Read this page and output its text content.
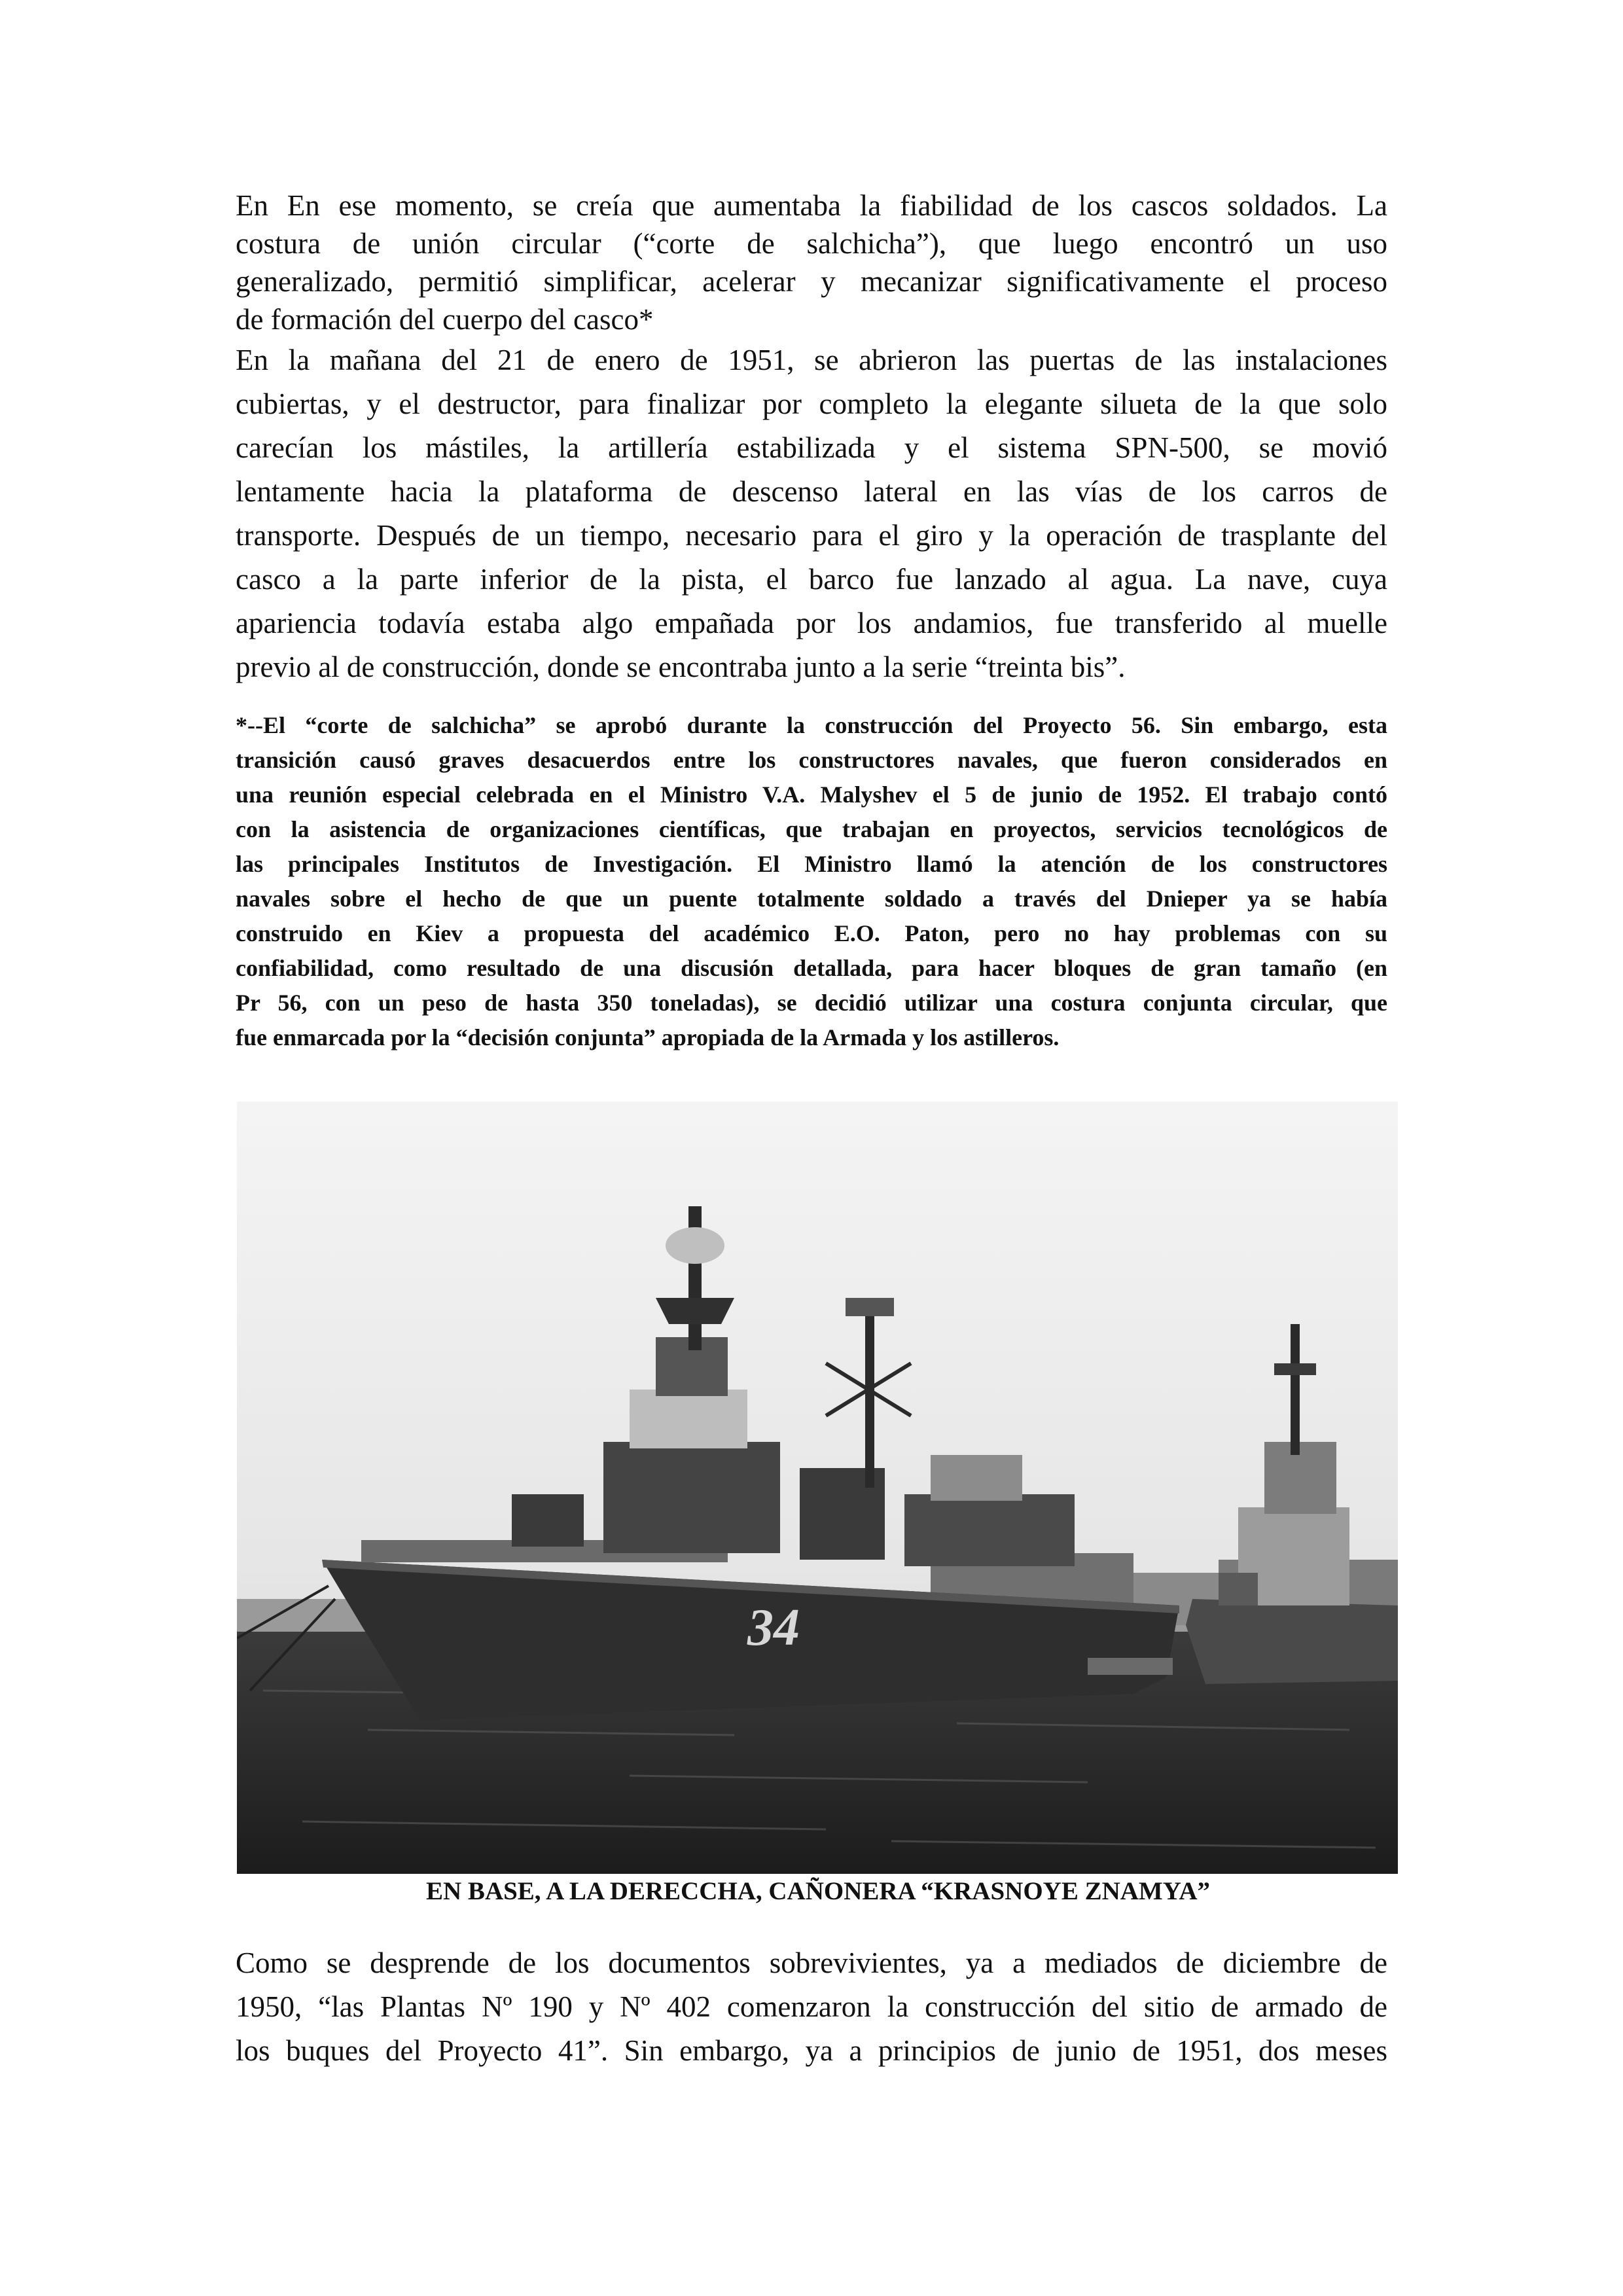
En En ese momento, se creía que aumentaba la fiabilidad de los cascos soldados. La
costura de unión circular (“corte de salchicha”), que luego encontró un uso
generalizado, permitió simplificar, acelerar y mecanizar significativamente el proceso
de formación del cuerpo del casco*

En la mañana del 21 de enero de 1951, se abrieron las puertas de las instalaciones
cubiertas, y el destructor, para finalizar por completo la elegante silueta de la que solo
carecían los mástiles, la artillería estabilizada y el sistema SPN-500, se movió
lentamente hacia la plataforma de descenso lateral en las vías de los carros de
transporte. Después de un tiempo, necesario para el giro y la operación de trasplante del
casco a la parte inferior de la pista, el barco fue lanzado al agua. La nave, cuya
apariencia todavía estaba algo empañada por los andamios, fue transferido al muelle
previo al de construcción, donde se encontraba junto a la serie “treinta bis”.

*--El “corte de salchicha” se aprobó durante la construcción del Proyecto 56. Sin embargo, esta
transición causó graves desacuerdos entre los constructores navales, que fueron considerados en
una reunión especial celebrada en el Ministro V.A. Malyshev el 5 de junio de 1952. El trabajo contó
con la asistencia de organizaciones científicas, que trabajan en proyectos, servicios tecnológicos de
las principales Institutos de Investigación. El Ministro llamó la atención de los constructores
navales sobre el hecho de que un puente totalmente soldado a través del Dnieper ya se había
construido en Kiev a propuesta del académico E.O. Paton, pero no hay problemas con su
confiabilidad, como resultado de una discusión detallada, para hacer bloques de gran tamaño (en
Pr 56, con un peso de hasta 350 toneladas), se decidió utilizar una costura conjunta circular, que
fue enmarcada por la “decisión conjunta” apropiada de la Armada y los astilleros.

34

EN BASE, A LA DERECCHA, CAÑONERA “KRASNOYE ZNAMYA”

Como se desprende de los documentos sobrevivientes, ya a mediados de diciembre de
1950, “las Plantas Nº 190 y Nº 402 comenzaron la construcción del sitio de armado de
los buques del Proyecto 41”. Sin embargo, ya a principios de junio de 1951, dos meses
